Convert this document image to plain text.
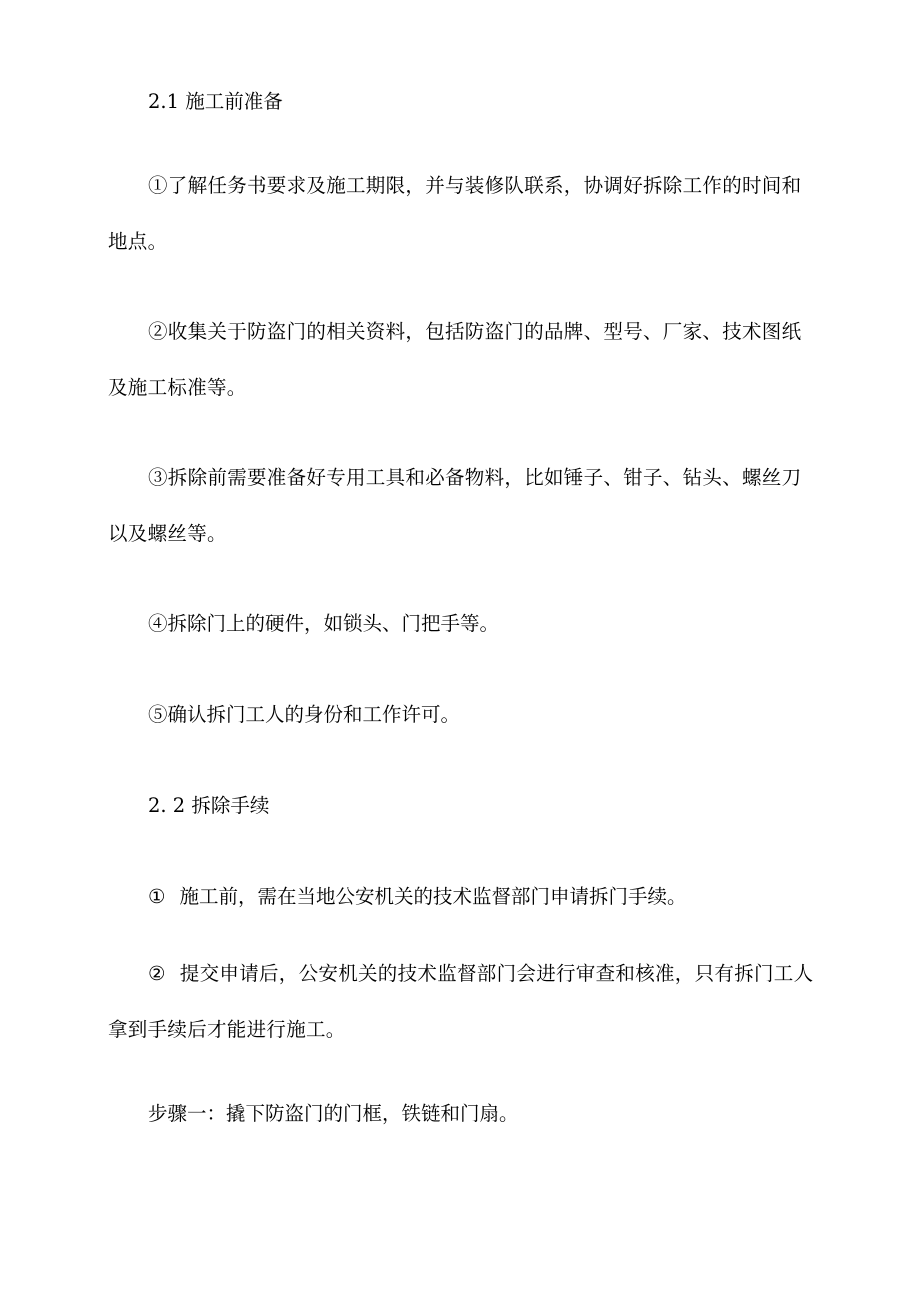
2.1 施工前准备

①了解任务书要求及施工期限，并与装修队联系，协调好拆除工作的时间和地点。

②收集关于防盗门的相关资料，包括防盗门的品牌、型号、厂家、技术图纸及施工标准等。

③拆除前需要准备好专用工具和必备物料，比如锤子、钳子、钻头、螺丝刀以及螺丝等。

④拆除门上的硬件，如锁头、门把手等。

⑤确认拆门工人的身份和工作许可。

2. 2 拆除手续

① 施工前，需在当地公安机关的技术监督部门申请拆门手续。

② 提交申请后，公安机关的技术监督部门会进行审查和核准，只有拆门工人拿到手续后才能进行施工。

步骤一：撬下防盗门的门框，铁链和门扇。
